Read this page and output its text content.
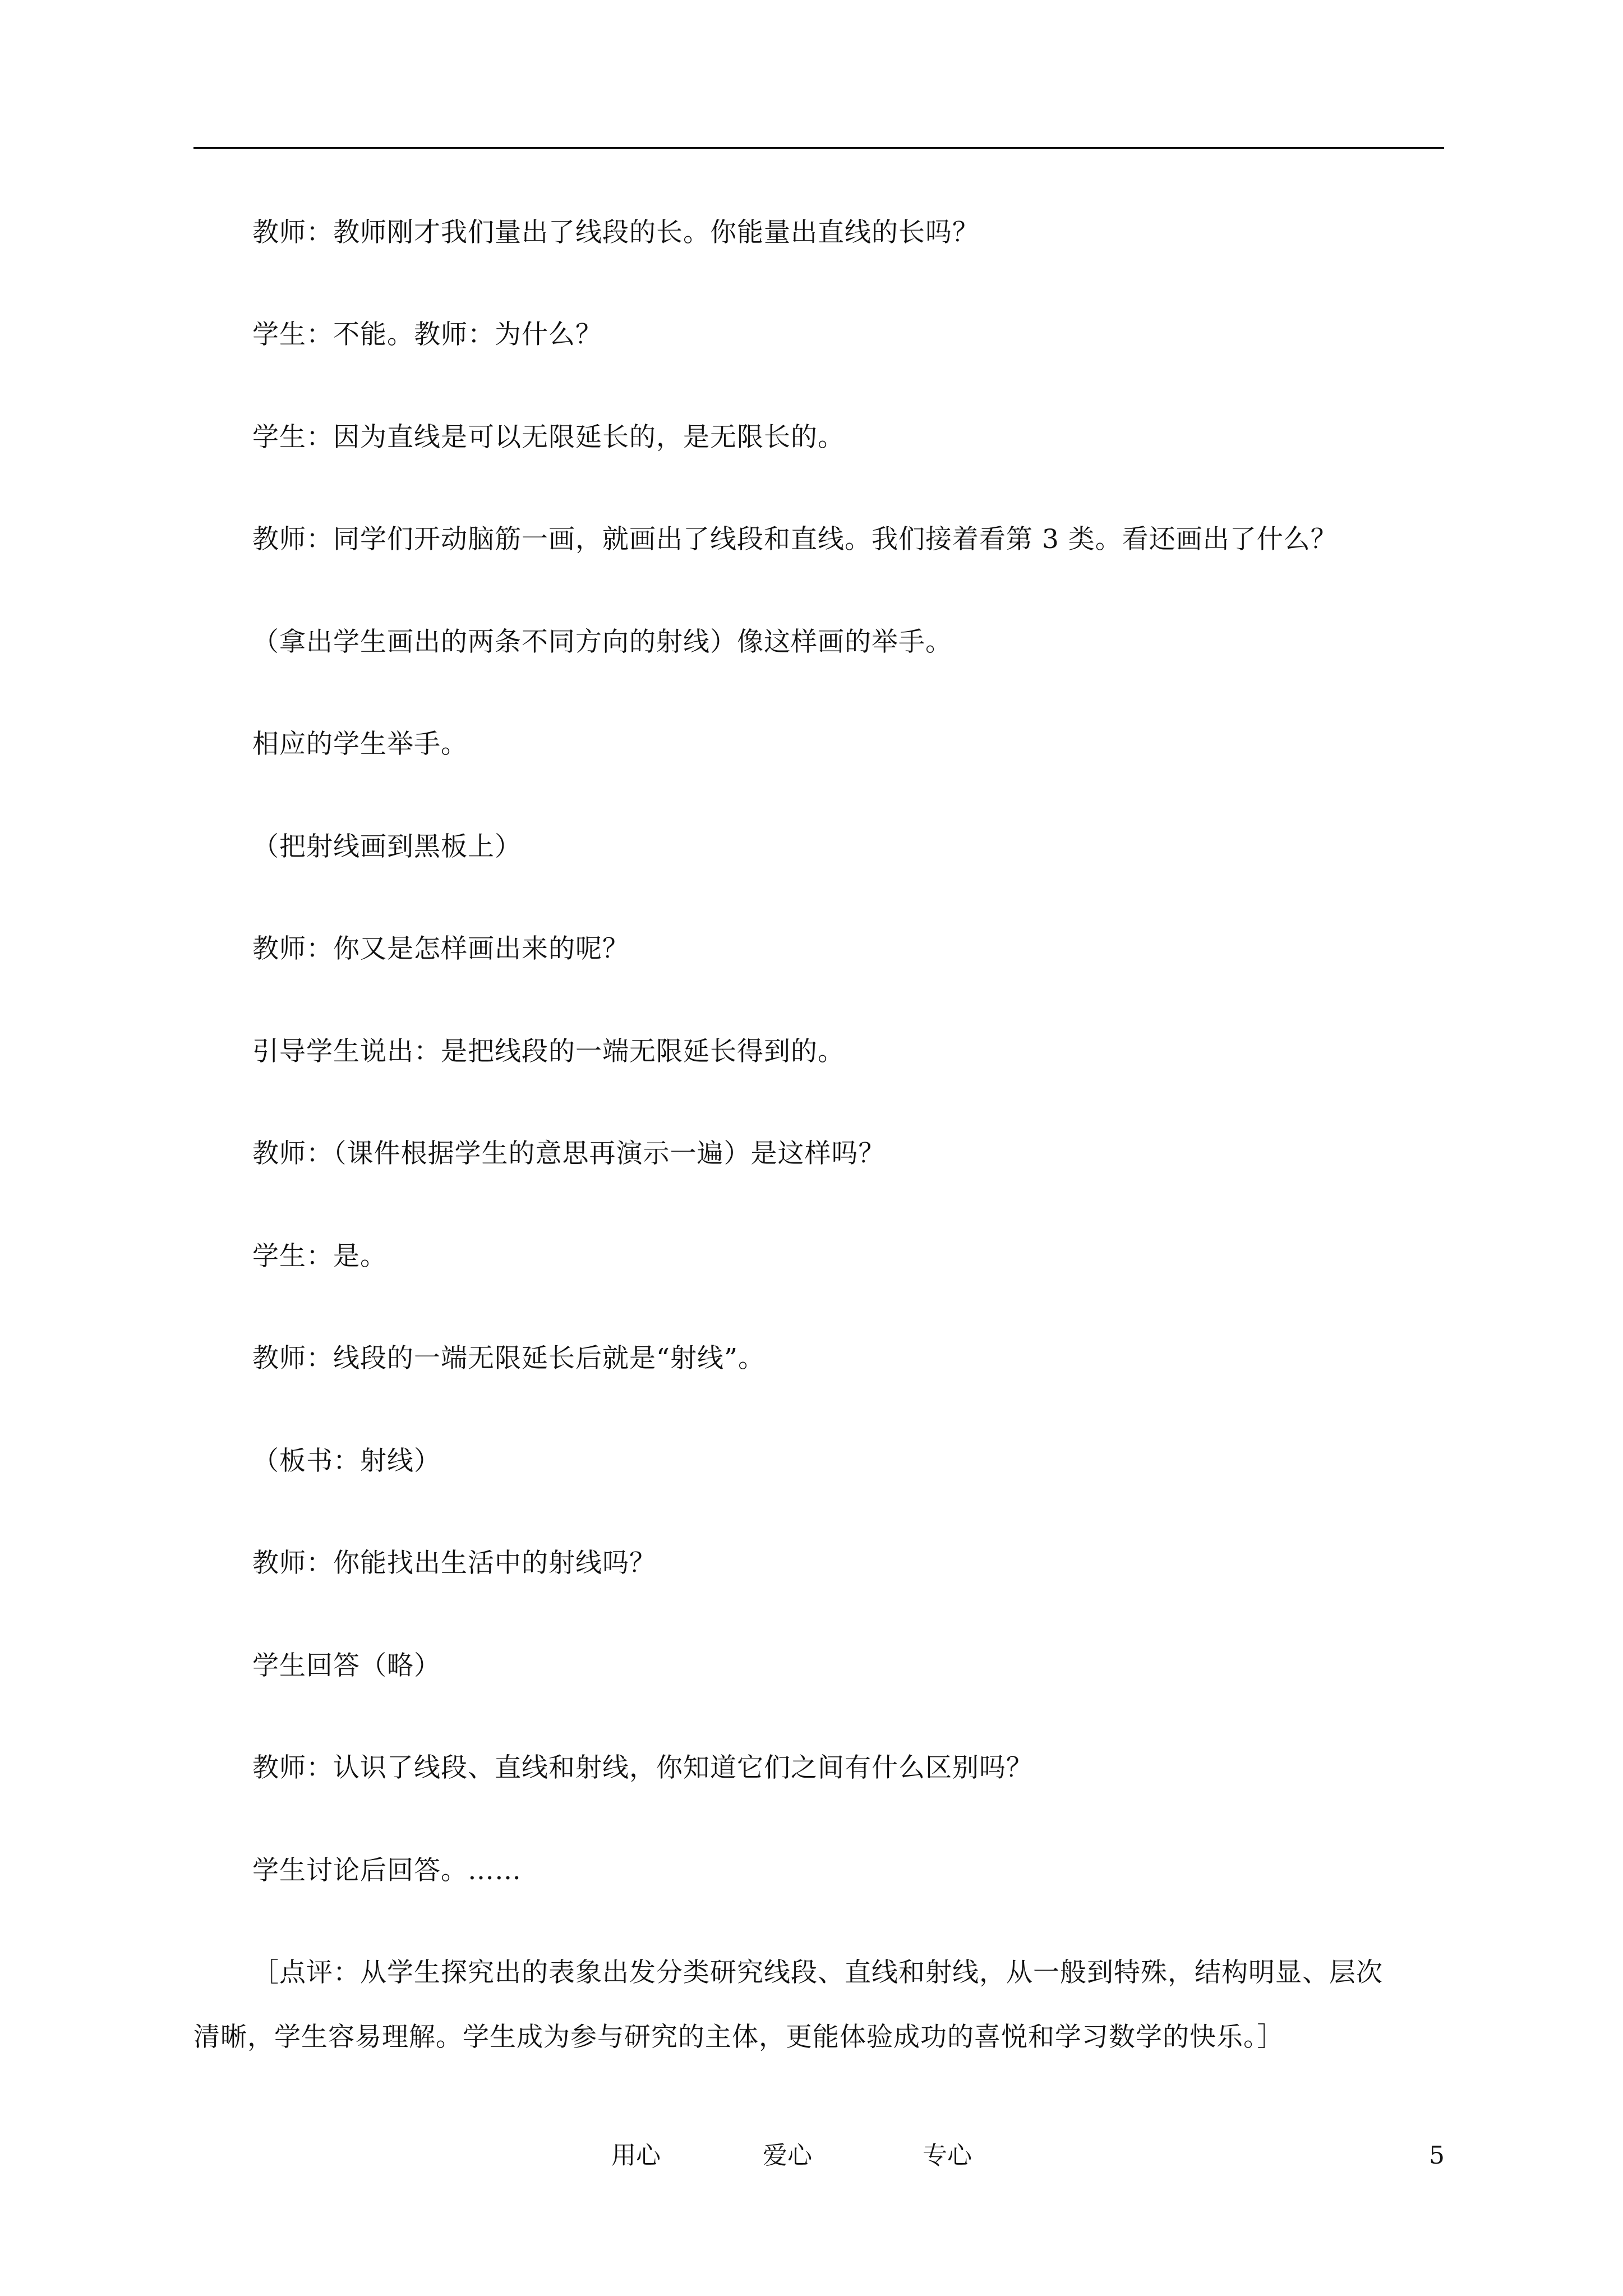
教师：教师刚才我们量出了线段的长。你能量出直线的长吗？
学生：不能。教师：为什么？
学生：因为直线是可以无限延长的，是无限长的。
教师：同学们开动脑筋一画，就画出了线段和直线。我们接着看第 3 类。看还画出了什么？
（拿出学生画出的两条不同方向的射线）像这样画的举手。
相应的学生举手。
（把射线画到黑板上）
教师：你又是怎样画出来的呢？
引导学生说出：是把线段的一端无限延长得到的。
教师：（课件根据学生的意思再演示一遍）是这样吗？
学生：是。
教师：线段的一端无限延长后就是“射线”。
（板书：射线）
教师：你能找出生活中的射线吗？
学生回答（略）
教师：认识了线段、直线和射线，你知道它们之间有什么区别吗？
学生讨论后回答。……
［点评：从学生探究出的表象出发分类研究线段、直线和射线，从一般到特殊，结构明显、层次
清晰，学生容易理解。学生成为参与研究的主体，更能体验成功的喜悦和学习数学的快乐。］
用心	爱心	专心	5
